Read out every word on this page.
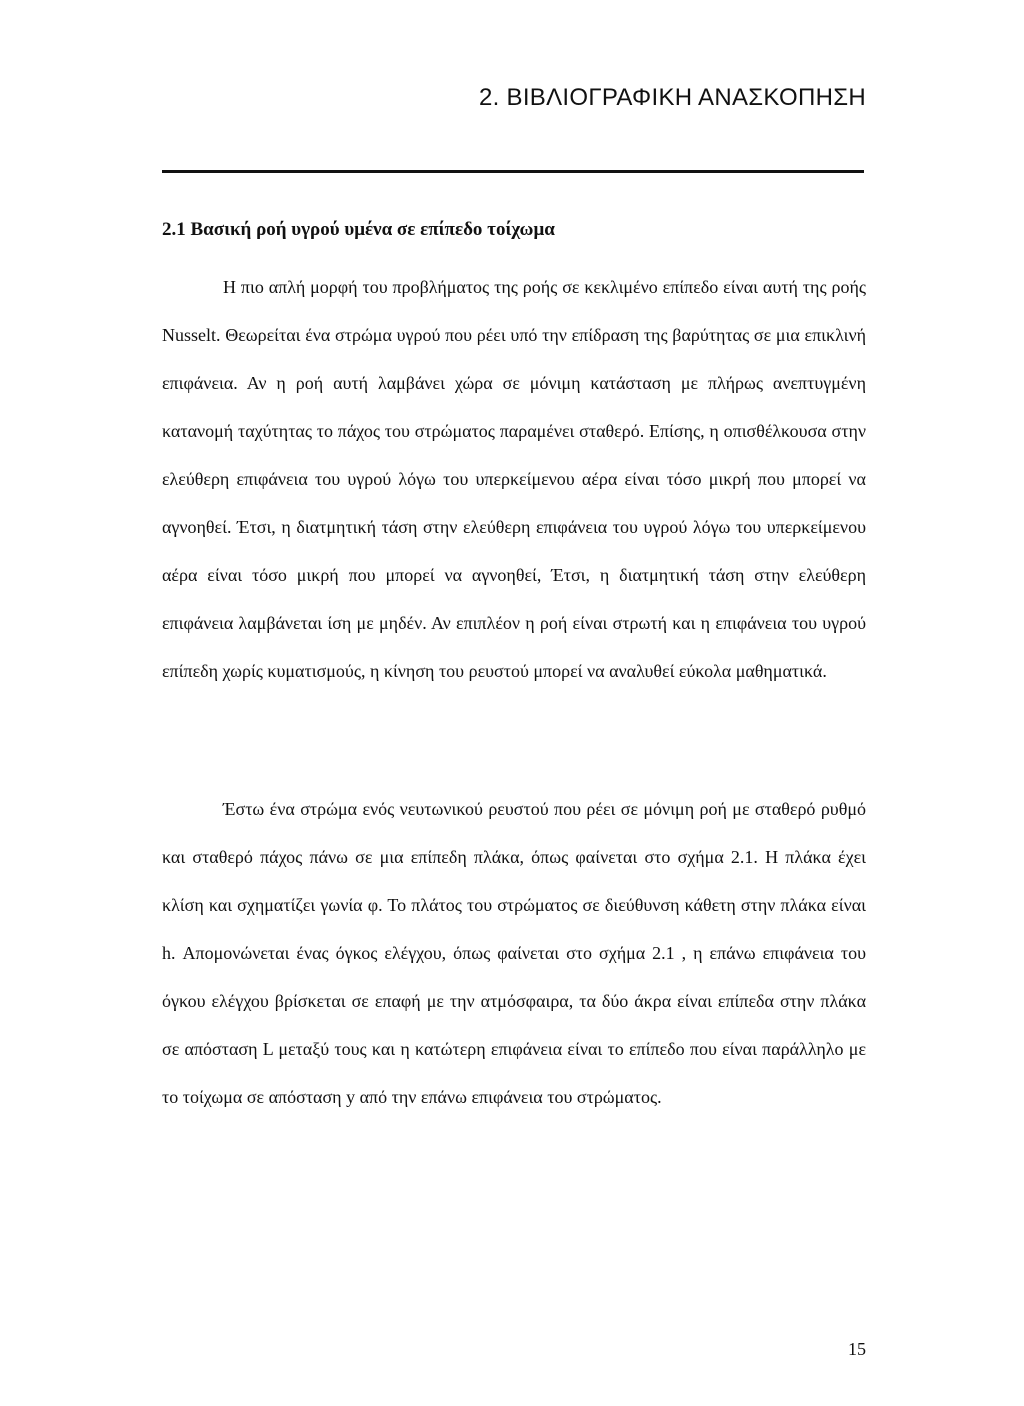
2. ΒΙΒΛΙΟΓΡΑΦΙΚΗ ΑΝΑΣΚΟΠΗΣΗ
2.1 Βασική ροή υγρού υμένα σε επίπεδο τοίχωμα

Η πιο απλή μορφή του προβλήματος της ροής σε κεκλιμένο επίπεδο είναι αυτή της ροής Nusselt. Θεωρείται ένα στρώμα υγρού που ρέει υπό την επίδραση της βαρύτητας σε μια επικλινή επιφάνεια. Αν η ροή αυτή λαμβάνει χώρα σε μόνιμη κατάσταση με πλήρως ανεπτυγμένη κατανομή ταχύτητας το πάχος του στρώματος παραμένει σταθερό. Επίσης, η οπισθέλκουσα στην ελεύθερη επιφάνεια του υγρού λόγω του υπερκείμενου αέρα είναι τόσο μικρή που μπορεί να αγνοηθεί. Έτσι, η διατμητική τάση στην ελεύθερη επιφάνεια του υγρού λόγω του υπερκείμενου αέρα είναι τόσο μικρή που μπορεί να αγνοηθεί, Έτσι, η διατμητική τάση στην ελεύθερη επιφάνεια λαμβάνεται ίση με μηδέν. Αν επιπλέον η ροή είναι στρωτή και η επιφάνεια του υγρού επίπεδη χωρίς κυματισμούς, η κίνηση του ρευστού μπορεί να αναλυθεί εύκολα μαθηματικά.

Έστω ένα στρώμα ενός νευτωνικού ρευστού που ρέει σε μόνιμη ροή με σταθερό ρυθμό και σταθερό πάχος πάνω σε μια επίπεδη πλάκα, όπως φαίνεται στο σχήμα 2.1. Η πλάκα έχει κλίση και σχηματίζει γωνία φ. Το πλάτος του στρώματος σε διεύθυνση κάθετη στην πλάκα είναι h. Απομονώνεται ένας όγκος ελέγχου, όπως φαίνεται στο σχήμα 2.1 , η επάνω επιφάνεια του όγκου ελέγχου βρίσκεται σε επαφή με την ατμόσφαιρα, τα δύο άκρα είναι επίπεδα στην πλάκα σε απόσταση L μεταξύ τους και η κατώτερη επιφάνεια είναι το επίπεδο που είναι παράλληλο με το τοίχωμα σε απόσταση y από την επάνω επιφάνεια του στρώματος.

15
